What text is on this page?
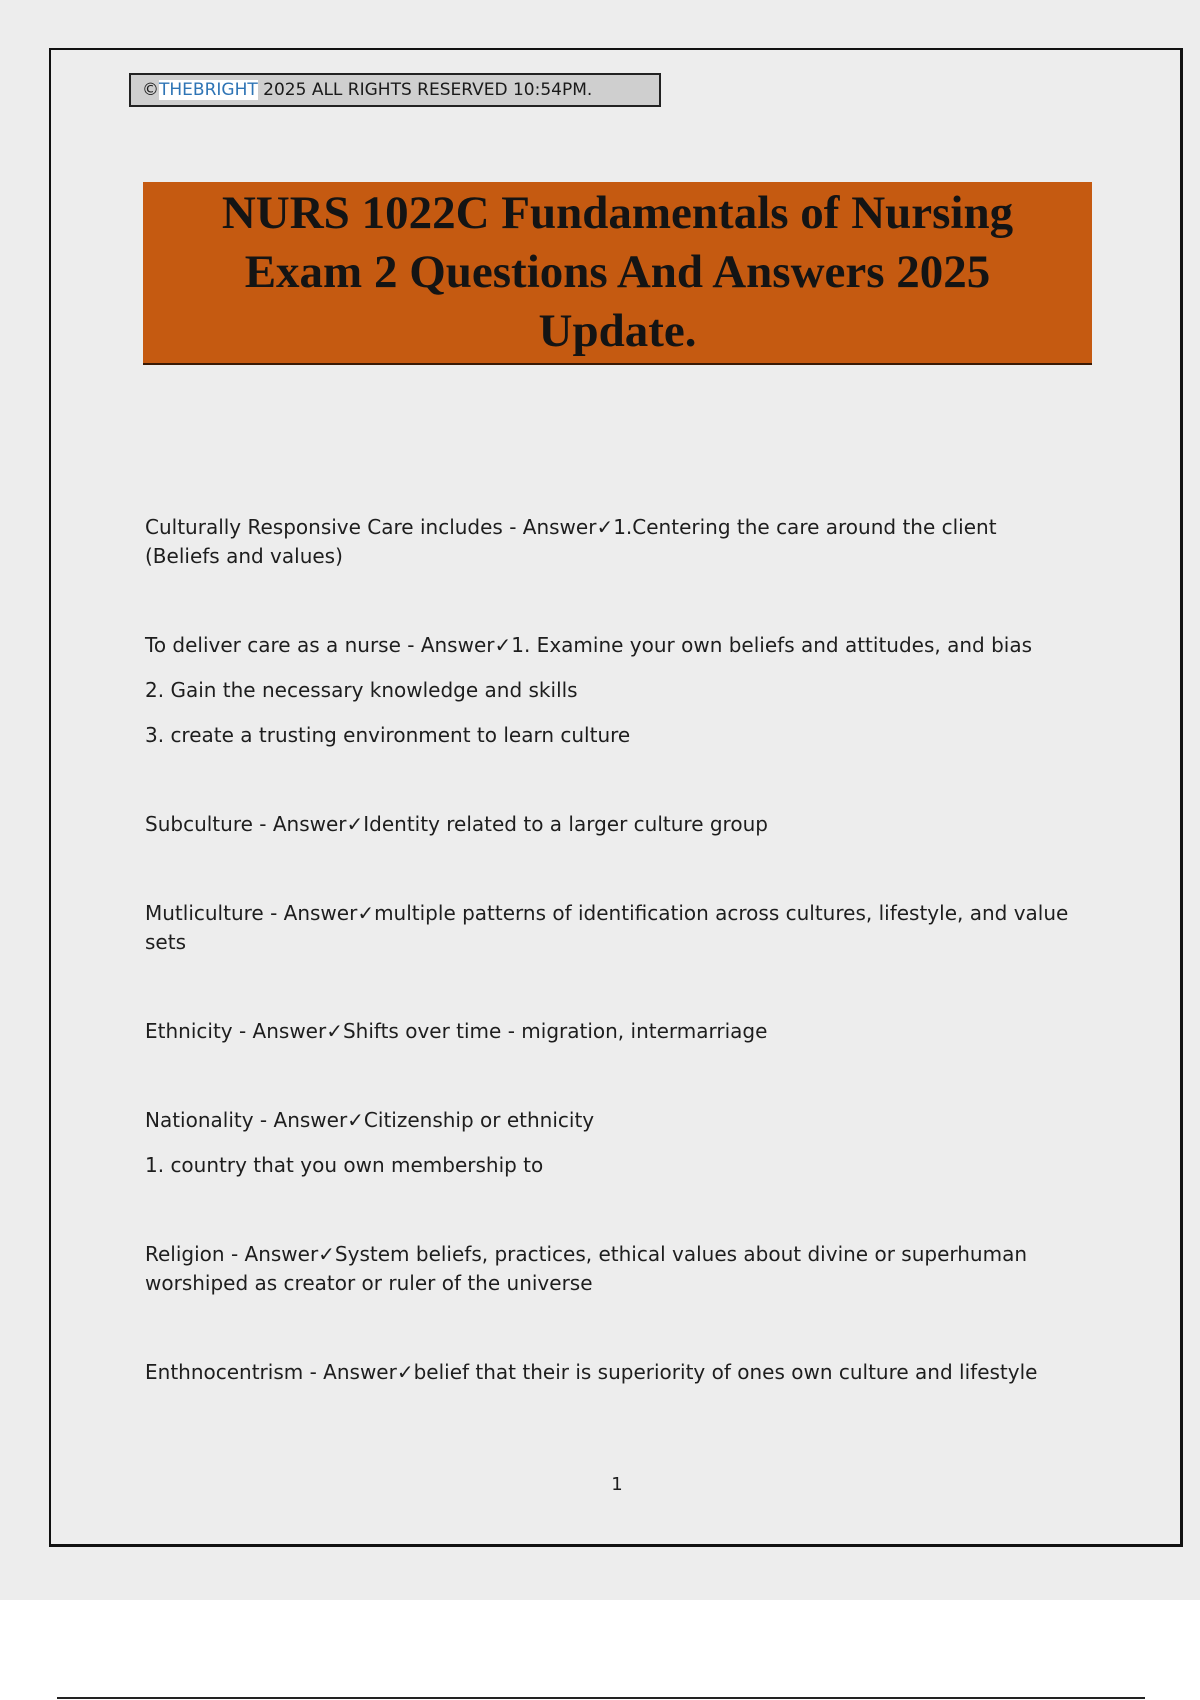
©THEBRIGHT 2025 ALL RIGHTS RESERVED 10:54PM.
NURS 1022C Fundamentals of Nursing
Exam 2 Questions And Answers 2025
Update.

Culturally Responsive Care includes - Answer✓1.Centering the care around the client (Beliefs and values)

To deliver care as a nurse - Answer✓1. Examine your own beliefs and attitudes, and bias

2. Gain the necessary knowledge and skills

3. create a trusting environment to learn culture

Subculture - Answer✓Identity related to a larger culture group

Mutliculture - Answer✓multiple patterns of identification across cultures, lifestyle, and value sets

Ethnicity - Answer✓Shifts over time - migration, intermarriage

Nationality - Answer✓Citizenship or ethnicity

1. country that you own membership to

Religion - Answer✓System beliefs, practices, ethical values about divine or superhuman worshiped as creator or ruler of the universe

Enthnocentrism - Answer✓belief that their is superiority of ones own culture and lifestyle

1
